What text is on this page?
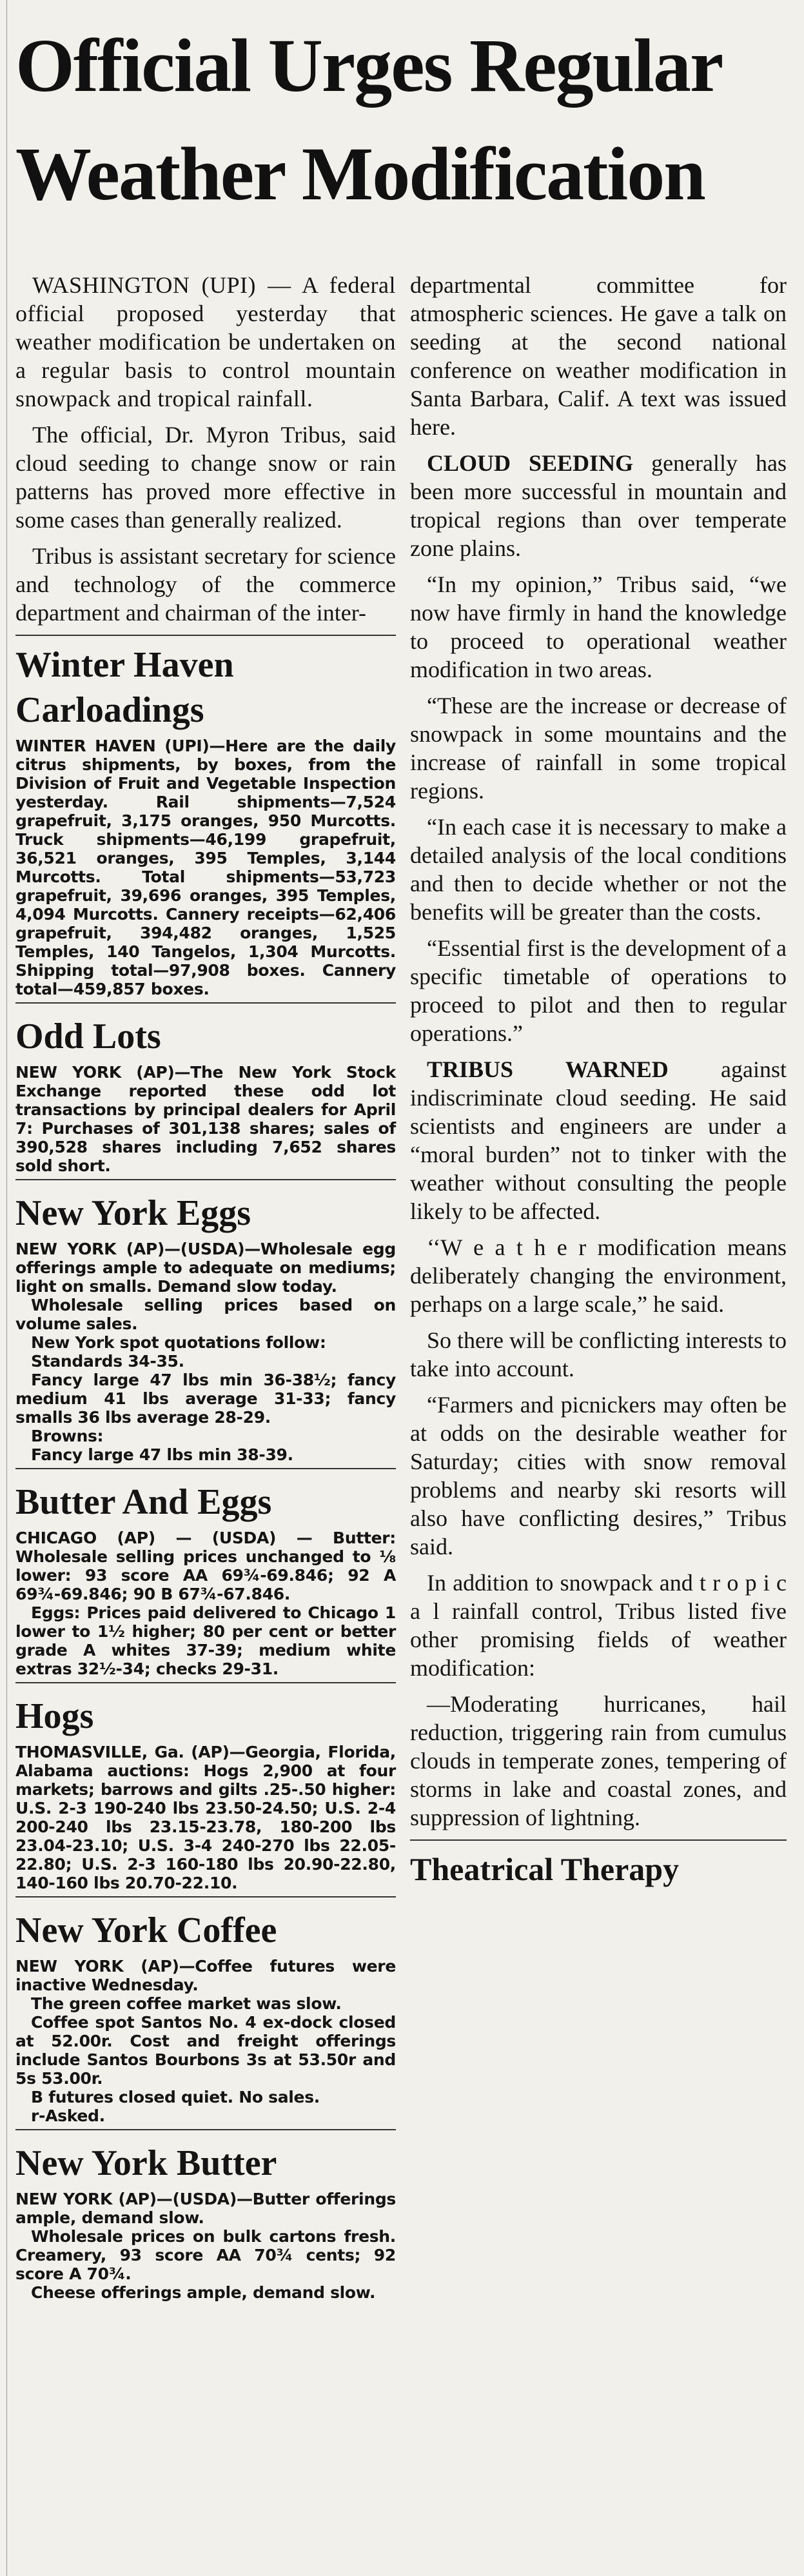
Official Urges Regular
Weather Modification

WASHINGTON (UPI) — A federal official proposed yesterday that weather modification be undertaken on a regular basis to control mountain snowpack and tropical rainfall.

The official, Dr. Myron Tribus, said cloud seeding to change snow or rain patterns has proved more effective in some cases than generally realized.

Tribus is assistant secretary for science and technology of the commerce department and chairman of the inter-

Winter Haven Carloadings

WINTER HAVEN (UPI)—Here are the daily citrus shipments, by boxes, from the Division of Fruit and Vegetable Inspection yesterday. Rail shipments—7,524 grapefruit, 3,175 oranges, 950 Murcotts. Truck shipments—46,199 grapefruit, 36,521 oranges, 395 Temples, 3,144 Murcotts. Total shipments—53,723 grapefruit, 39,696 oranges, 395 Temples, 4,094 Murcotts. Cannery receipts—62,406 grapefruit, 394,482 oranges, 1,525 Temples, 140 Tangelos, 1,304 Murcotts. Shipping total—97,908 boxes. Cannery total—459,857 boxes.

Odd Lots

NEW YORK (AP)—The New York Stock Exchange reported these odd lot transactions by principal dealers for April 7: Purchases of 301,138 shares; sales of 390,528 shares including 7,652 shares sold short.

New York Eggs

NEW YORK (AP)—(USDA)—Wholesale egg offerings ample to adequate on mediums; light on smalls. Demand slow today.

Wholesale selling prices based on volume sales.

New York spot quotations follow:

Standards 34-35.

Fancy large 47 lbs min 36-38½; fancy medium 41 lbs average 31-33; fancy smalls 36 lbs average 28-29.

Browns:

Fancy large 47 lbs min 38-39.

Butter And Eggs

CHICAGO (AP) — (USDA) — Butter: Wholesale selling prices unchanged to ⅛ lower: 93 score AA 69¾-69.846; 92 A 69¾-69.846; 90 B 67¾-67.846.

Eggs: Prices paid delivered to Chicago 1 lower to 1½ higher; 80 per cent or better grade A whites 37-39; medium white extras 32½-34; checks 29-31.

Hogs

THOMASVILLE, Ga. (AP)—Georgia, Florida, Alabama auctions: Hogs 2,900 at four markets; barrows and gilts .25-.50 higher: U.S. 2-3 190-240 lbs 23.50-24.50; U.S. 2-4 200-240 lbs 23.15-23.78, 180-200 lbs 23.04-23.10; U.S. 3-4 240-270 lbs 22.05-22.80; U.S. 2-3 160-180 lbs 20.90-22.80, 140-160 lbs 20.70-22.10.

New York Coffee

NEW YORK (AP)—Coffee futures were inactive Wednesday.

The green coffee market was slow.

Coffee spot Santos No. 4 ex-dock closed at 52.00r. Cost and freight offerings include Santos Bourbons 3s at 53.50r and 5s 53.00r.

B futures closed quiet. No sales.

r-Asked.

New York Butter

NEW YORK (AP)—(USDA)—Butter offerings ample, demand slow.

Wholesale prices on bulk cartons fresh. Creamery, 93 score AA 70¾ cents; 92 score A 70¾.

Cheese offerings ample, demand slow.

departmental committee for atmospheric sciences. He gave a talk on seeding at the second national conference on weather modification in Santa Barbara, Calif. A text was issued here.

CLOUD SEEDING generally has been more successful in mountain and tropical regions than over temperate zone plains.

“In my opinion,” Tribus said, “we now have firmly in hand the knowledge to proceed to operational weather modification in two areas.

“These are the increase or decrease of snowpack in some mountains and the increase of rainfall in some tropical regions.

“In each case it is necessary to make a detailed analysis of the local conditions and then to decide whether or not the benefits will be greater than the costs.

“Essential first is the development of a specific timetable of operations to proceed to pilot and then to regular operations.”

TRIBUS WARNED against indiscriminate cloud seeding. He said scientists and engineers are under a “moral burden” not to tinker with the weather without consulting the people likely to be affected.

‘‘W e a t h e r modification means deliberately changing the environment, perhaps on a large scale,” he said.

So there will be conflicting interests to take into account.

“Farmers and picnickers may often be at odds on the desirable weather for Saturday; cities with snow removal problems and nearby ski resorts will also have conflicting desires,” Tribus said.

In addition to snowpack and t r o p i c a l rainfall control, Tribus listed five other promising fields of weather modification:

—Moderating hurricanes, hail reduction, triggering rain from cumulus clouds in temperate zones, tempering of storms in lake and coastal zones, and suppression of lightning.

Theatrical Therapy
